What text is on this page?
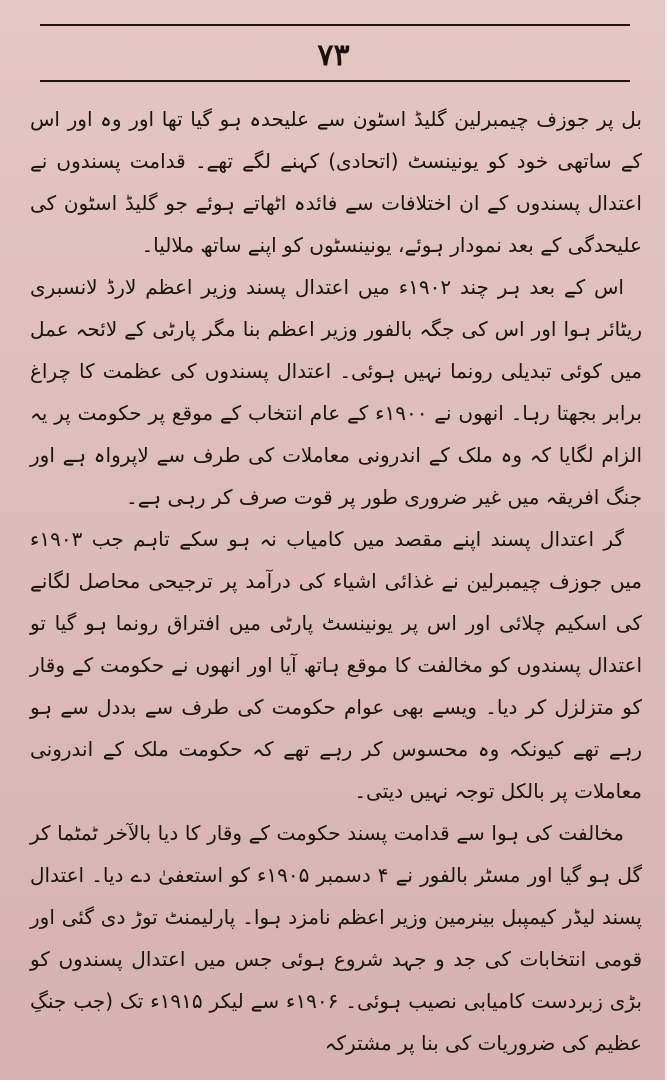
۷۳

بل پر جوزف چیمبرلین گلیڈ اسٹون سے علیحدہ ہو گیا تھا اور وہ اور اس کے ساتھی خود کو یونینسٹ (اتحادی) کہنے لگے تھے۔ قدامت پسندوں نے اعتدال پسندوں کے ان اختلافات سے فائدہ اٹھاتے ہوئے جو گلیڈ اسٹون کی علیحدگی کے بعد نمودار ہوئے، یونینسٹوں کو اپنے ساتھ ملالیا۔

اس کے بعد ہر چند ۱۹۰۲ء میں اعتدال پسند وزیر اعظم لارڈ لانسبری ریٹائر ہوا اور اس کی جگہ بالفور وزیر اعظم بنا مگر پارٹی کے لائحہ عمل میں کوئی تبدیلی رونما نہیں ہوئی۔ اعتدال پسندوں کی عظمت کا چراغ برابر بجھتا رہا۔ انھوں نے ۱۹۰۰ء کے عام انتخاب کے موقع پر حکومت پر یہ الزام لگایا کہ وہ ملک کے اندرونی معاملات کی طرف سے لاپرواہ ہے اور جنگ افریقہ میں غیر ضروری طور پر قوت صرف کر رہی ہے۔

گر اعتدال پسند اپنے مقصد میں کامیاب نہ ہو سکے تاہم جب ۱۹۰۳ء میں جوزف چیمبرلین نے غذائی اشیاء کی درآمد پر ترجیحی محاصل لگانے کی اسکیم چلائی اور اس پر یونینسٹ پارٹی میں افتراق رونما ہو گیا تو اعتدال پسندوں کو مخالفت کا موقع ہاتھ آیا اور انھوں نے حکومت کے وقار کو متزلزل کر دیا۔ ویسے بھی عوام حکومت کی طرف سے بددل سے ہو رہے تھے کیونکہ وہ محسوس کر رہے تھے کہ حکومت ملک کے اندرونی معاملات پر بالکل توجہ نہیں دیتی۔

مخالفت کی ہوا سے قدامت پسند حکومت کے وقار کا دیا بالآخر ٹمٹما کر گل ہو گیا اور مسٹر بالفور نے ۴ دسمبر ۱۹۰۵ء کو استعفیٰ دے دیا۔ اعتدال پسند لیڈر کیمپبل بینرمین وزیر اعظم نامزد ہوا۔ پارلیمنٹ توڑ دی گئی اور قومی انتخابات کی جد و جہد شروع ہوئی جس میں اعتدال پسندوں کو بڑی زبردست کامیابی نصیب ہوئی۔ ۱۹۰۶ء سے لیکر ۱۹۱۵ء تک (جب جنگِ عظیم کی ضروریات کی بنا پر مشترکہ
